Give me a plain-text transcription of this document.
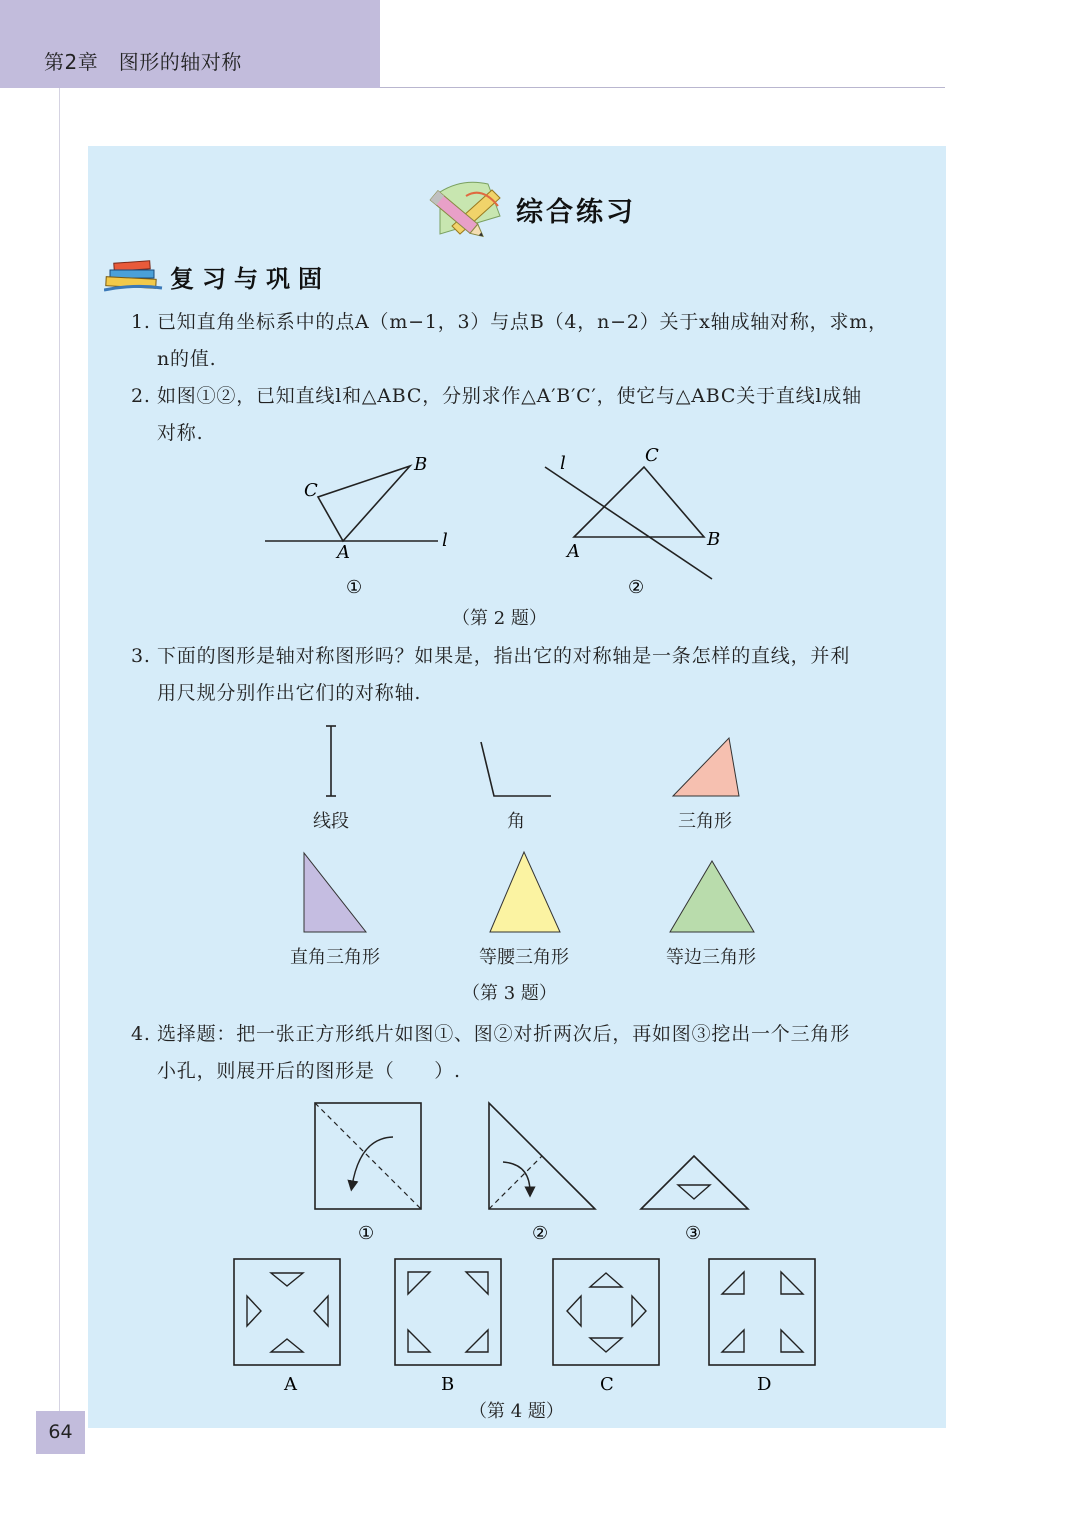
第2章　图形的轴对称
64
综合练习
复习与巩固
1. 已知直角坐标系中的点A（m−1，3）与点B（4，n−2）关于x轴成轴对称，求m，
n的值.
2. 如图①②，已知直线l和△ABC，分别求作△A′B′C′，使它与△ABC关于直线l成轴
对称.
B
C
A
l
①
C
B
A
l
②
（第 2 题）
3. 下面的图形是轴对称图形吗？如果是，指出它的对称轴是一条怎样的直线，并利
用尺规分别作出它们的对称轴.
线段	角	三角形
直角三角形	等腰三角形	等边三角形
（第 3 题）
4. 选择题：把一张正方形纸片如图①、图②对折两次后，再如图③挖出一个三角形
小孔，则展开后的图形是（　　）.
①	②	③
A	B	C	D
（第 4 题）
